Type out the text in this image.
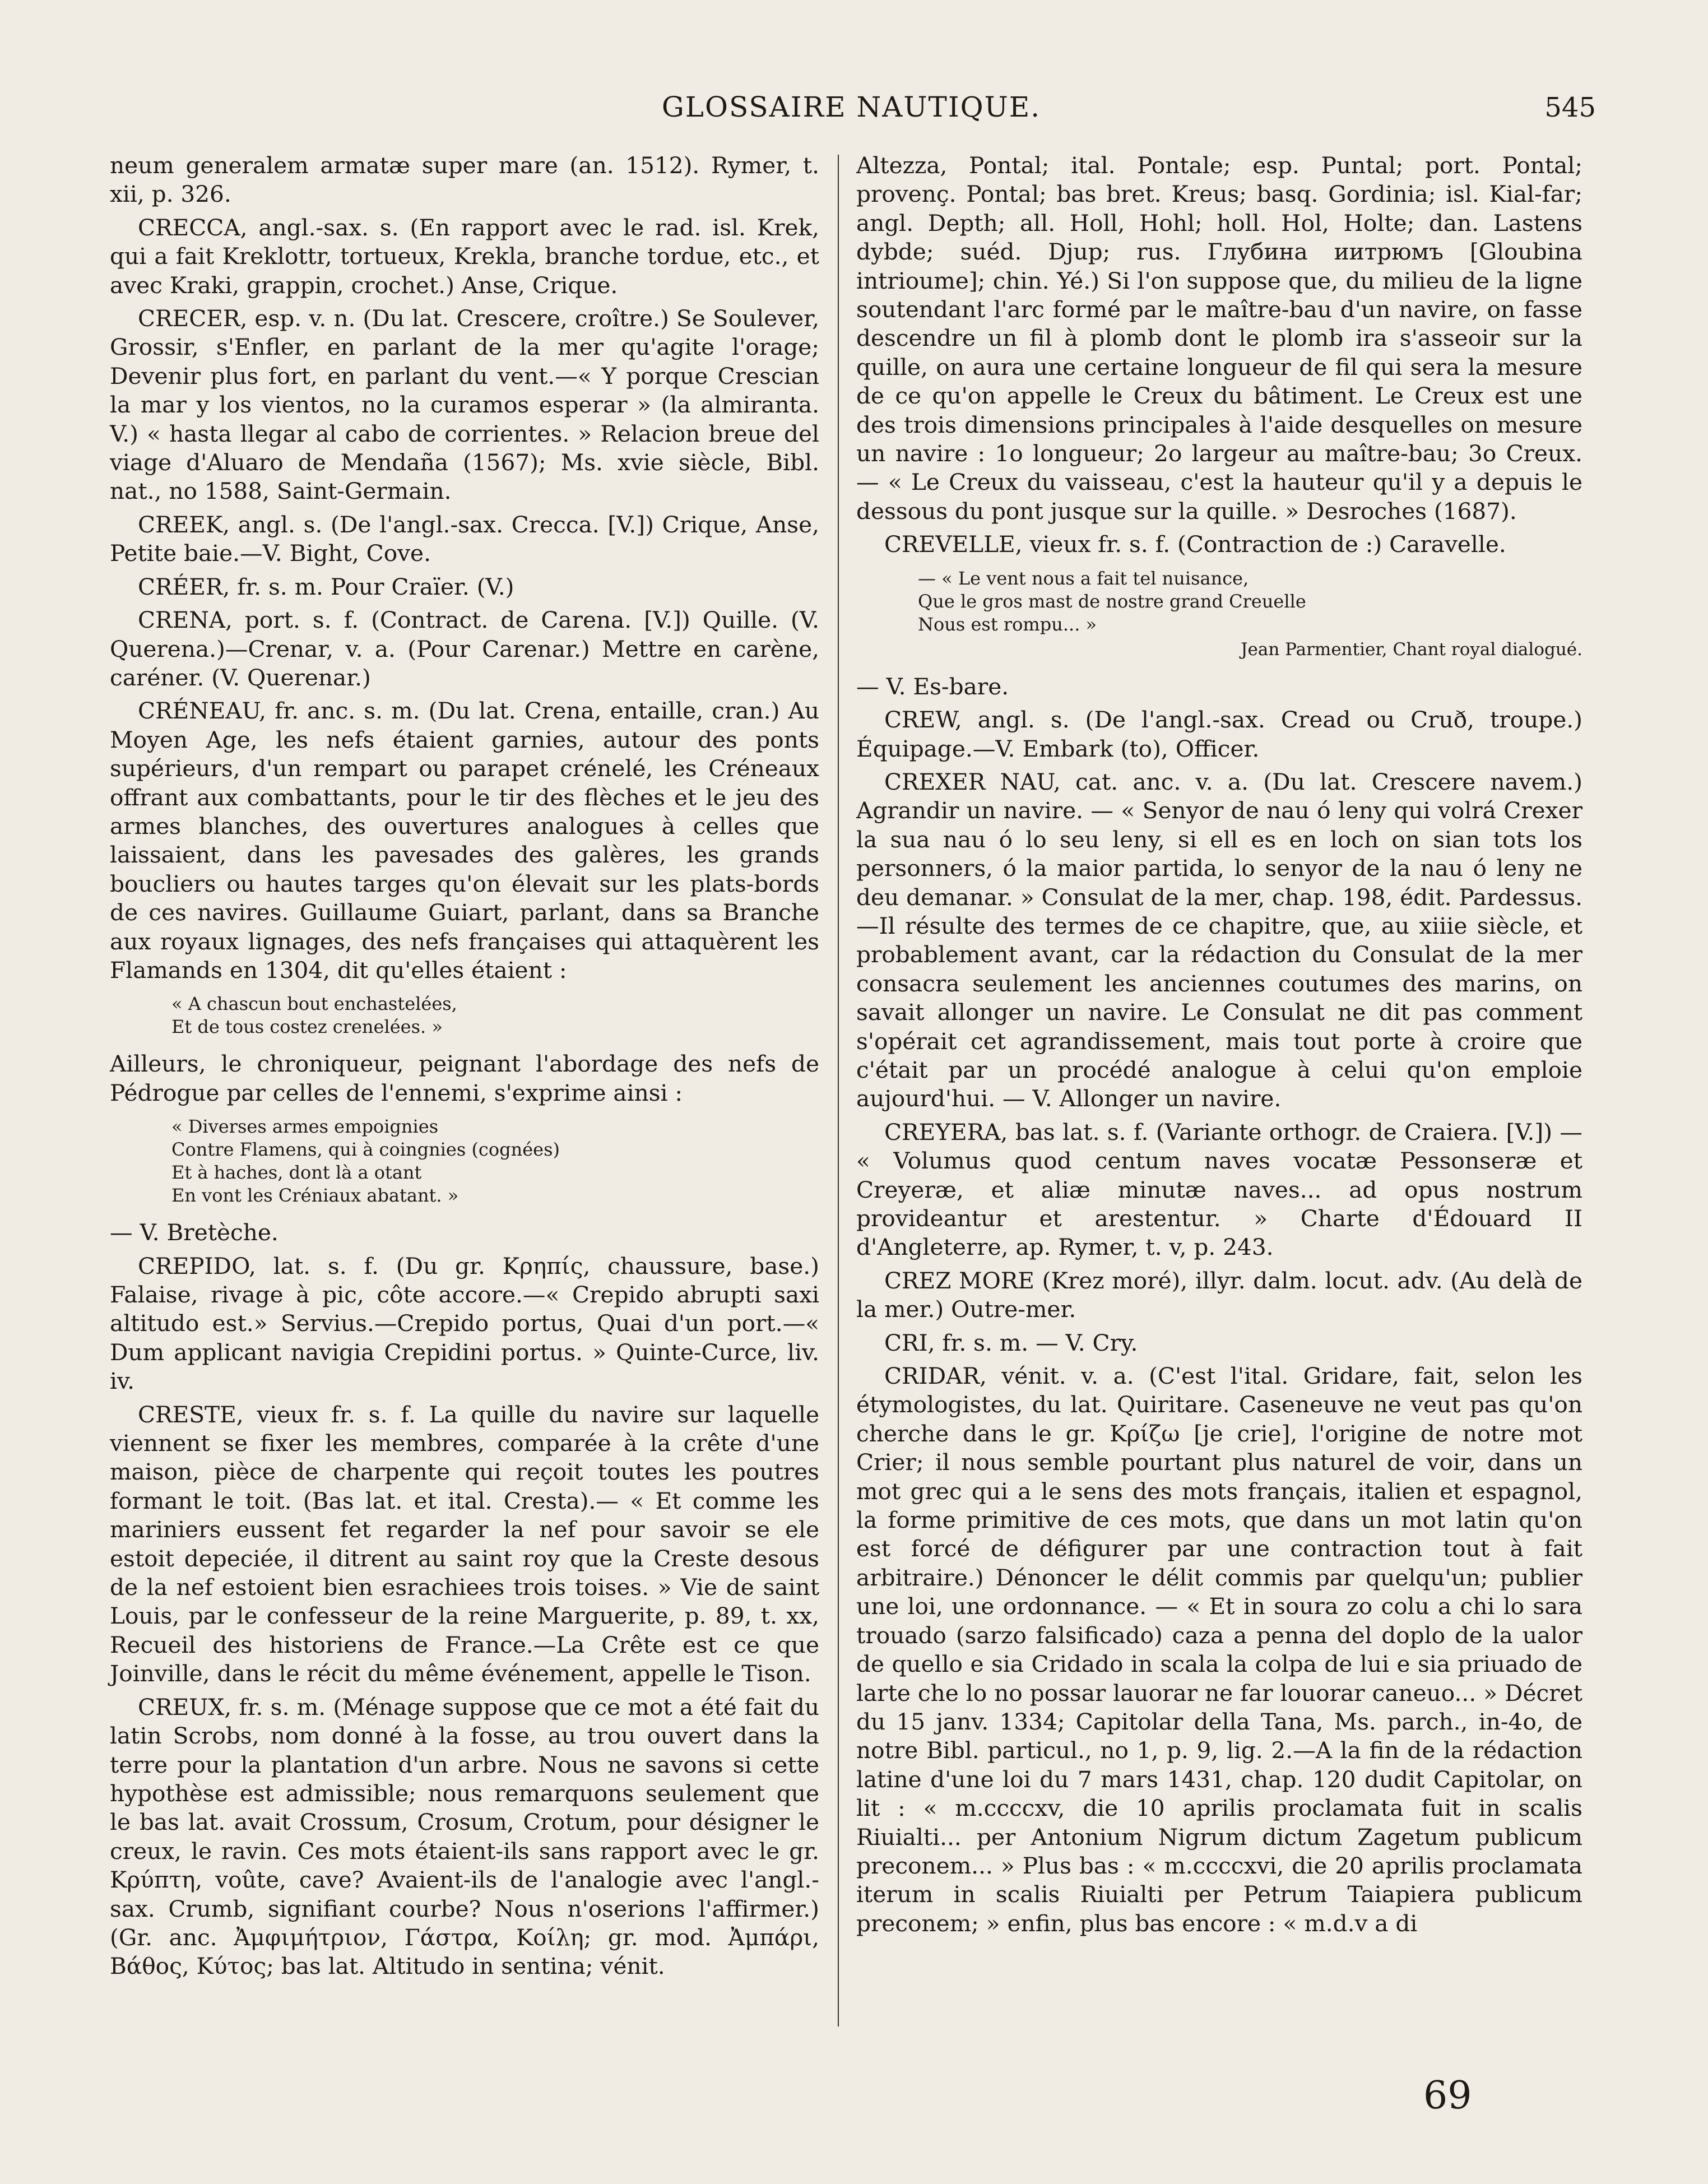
GLOSSAIRE NAUTIQUE.	545

neum generalem armatæ super mare (an. 1512). Rymer, t. xii, p. 326.

CRECCA, angl.-sax. s. (En rapport avec le rad. isl. Krek, qui a fait Kreklottr, tortueux, Krekla, branche tordue, etc., et avec Kraki, grappin, crochet.) Anse, Crique.

CRECER, esp. v. n. (Du lat. Crescere, croître.) Se Soulever, Grossir, s'Enfler, en parlant de la mer qu'agite l'orage; Devenir plus fort, en parlant du vent.—« Y porque Crescian la mar y los vientos, no la curamos esperar » (la almiranta. V.) « hasta llegar al cabo de corrientes. » Relacion breue del viage d'Aluaro de Mendaña (1567); Ms. xvie siècle, Bibl. nat., no 1588, Saint-Germain.

CREEK, angl. s. (De l'angl.-sax. Crecca. [V.]) Crique, Anse, Petite baie.—V. Bight, Cove.

CRÉER, fr. s. m. Pour Craïer. (V.)

CRENA, port. s. f. (Contract. de Carena. [V.]) Quille. (V. Querena.)—Crenar, v. a. (Pour Carenar.) Mettre en carène, caréner. (V. Querenar.)

CRÉNEAU, fr. anc. s. m. (Du lat. Crena, entaille, cran.) Au Moyen Age, les nefs étaient garnies, autour des ponts supérieurs, d'un rempart ou parapet crénelé, les Créneaux offrant aux combattants, pour le tir des flèches et le jeu des armes blanches, des ouvertures analogues à celles que laissaient, dans les pavesades des galères, les grands boucliers ou hautes targes qu'on élevait sur les plats-bords de ces navires. Guillaume Guiart, parlant, dans sa Branche aux royaux lignages, des nefs françaises qui attaquèrent les Flamands en 1304, dit qu'elles étaient :

« A chascun bout enchastelées,
Et de tous costez crenelées. »

Ailleurs, le chroniqueur, peignant l'abordage des nefs de Pédrogue par celles de l'ennemi, s'exprime ainsi :

« Diverses armes empoignies
Contre Flamens, qui à coingnies (cognées)
Et à haches, dont là a otant
En vont les Créniaux abatant. »

— V. Bretèche.

CREPIDO, lat. s. f. (Du gr. Κρηπίς, chaussure, base.) Falaise, rivage à pic, côte accore.—« Crepido abrupti saxi altitudo est.» Servius.—Crepido portus, Quai d'un port.—« Dum applicant navigia Crepidini portus. » Quinte-Curce, liv. iv.

CRESTE, vieux fr. s. f. La quille du navire sur laquelle viennent se fixer les membres, comparée à la crête d'une maison, pièce de charpente qui reçoit toutes les poutres formant le toit. (Bas lat. et ital. Cresta).— « Et comme les mariniers eussent fet regarder la nef pour savoir se ele estoit depeciée, il ditrent au saint roy que la Creste desous de la nef estoient bien esrachiees trois toises. » Vie de saint Louis, par le confesseur de la reine Marguerite, p. 89, t. xx, Recueil des historiens de France.—La Crête est ce que Joinville, dans le récit du même événement, appelle le Tison.

CREUX, fr. s. m. (Ménage suppose que ce mot a été fait du latin Scrobs, nom donné à la fosse, au trou ouvert dans la terre pour la plantation d'un arbre. Nous ne savons si cette hypothèse est admissible; nous remarquons seulement que le bas lat. avait Crossum, Crosum, Crotum, pour désigner le creux, le ravin. Ces mots étaient-ils sans rapport avec le gr. Κρύπτη, voûte, cave? Avaient-ils de l'analogie avec l'angl.-sax. Crumb, signifiant courbe? Nous n'oserions l'affirmer.) (Gr. anc. Ἀμφιμήτριον, Γάστρα, Κοίλη; gr. mod. Ἀμπάρι, Βάθος, Κύτος; bas lat. Altitudo in sentina; vénit.

Altezza, Pontal; ital. Pontale; esp. Puntal; port. Pontal; provenç. Pontal; bas bret. Kreus; basq. Gordinia; isl. Kial-far; angl. Depth; all. Holl, Hohl; holl. Hol, Holte; dan. Lastens dybde; suéd. Djup; rus. Глубина иитрюмъ [Gloubina intrioume]; chin. Yé.) Si l'on suppose que, du milieu de la ligne soutendant l'arc formé par le maître-bau d'un navire, on fasse descendre un fil à plomb dont le plomb ira s'asseoir sur la quille, on aura une certaine longueur de fil qui sera la mesure de ce qu'on appelle le Creux du bâtiment. Le Creux est une des trois dimensions principales à l'aide desquelles on mesure un navire : 1o longueur; 2o largeur au maître-bau; 3o Creux. — « Le Creux du vaisseau, c'est la hauteur qu'il y a depuis le dessous du pont jusque sur la quille. » Desroches (1687).

CREVELLE, vieux fr. s. f. (Contraction de :) Caravelle.

— « Le vent nous a fait tel nuisance,
Que le gros mast de nostre grand Creuelle
Nous est rompu... »
Jean Parmentier, Chant royal dialogué.

— V. Es-bare.

CREW, angl. s. (De l'angl.-sax. Cread ou Cruð, troupe.) Équipage.—V. Embark (to), Officer.

CREXER NAU, cat. anc. v. a. (Du lat. Crescere navem.) Agrandir un navire. — « Senyor de nau ó leny qui volrá Crexer la sua nau ó lo seu leny, si ell es en loch on sian tots los personners, ó la maior partida, lo senyor de la nau ó leny ne deu demanar. » Consulat de la mer, chap. 198, édit. Pardessus.—Il résulte des termes de ce chapitre, que, au xiiie siècle, et probablement avant, car la rédaction du Consulat de la mer consacra seulement les anciennes coutumes des marins, on savait allonger un navire. Le Consulat ne dit pas comment s'opérait cet agrandissement, mais tout porte à croire que c'était par un procédé analogue à celui qu'on emploie aujourd'hui. — V. Allonger un navire.

CREYERA, bas lat. s. f. (Variante orthogr. de Craiera. [V.]) — « Volumus quod centum naves vocatæ Pessonseræ et Creyeræ, et aliæ minutæ naves... ad opus nostrum provideantur et arestentur. » Charte d'Édouard II d'Angleterre, ap. Rymer, t. v, p. 243.

CREZ MORE (Krez moré), illyr. dalm. locut. adv. (Au delà de la mer.) Outre-mer.

CRI, fr. s. m. — V. Cry.

CRIDAR, vénit. v. a. (C'est l'ital. Gridare, fait, selon les étymologistes, du lat. Quiritare. Caseneuve ne veut pas qu'on cherche dans le gr. Κρίζω [je crie], l'origine de notre mot Crier; il nous semble pourtant plus naturel de voir, dans un mot grec qui a le sens des mots français, italien et espagnol, la forme primitive de ces mots, que dans un mot latin qu'on est forcé de défigurer par une contraction tout à fait arbitraire.) Dénoncer le délit commis par quelqu'un; publier une loi, une ordonnance. — « Et in soura zo colu a chi lo sara trouado (sarzo falsificado) caza a penna del doplo de la ualor de quello e sia Cridado in scala la colpa de lui e sia priuado de larte che lo no possar lauorar ne far louorar caneuo... » Décret du 15 janv. 1334; Capitolar della Tana, Ms. parch., in-4o, de notre Bibl. particul., no 1, p. 9, lig. 2.—A la fin de la rédaction latine d'une loi du 7 mars 1431, chap. 120 dudit Capitolar, on lit : « m.ccccxv, die 10 aprilis proclamata fuit in scalis Riuialti... per Antonium Nigrum dictum Zagetum publicum preconem... » Plus bas : « m.ccccxvi, die 20 aprilis proclamata iterum in scalis Riuialti per Petrum Taiapiera publicum preconem; » enfin, plus bas encore : « m.d.v a di

69
